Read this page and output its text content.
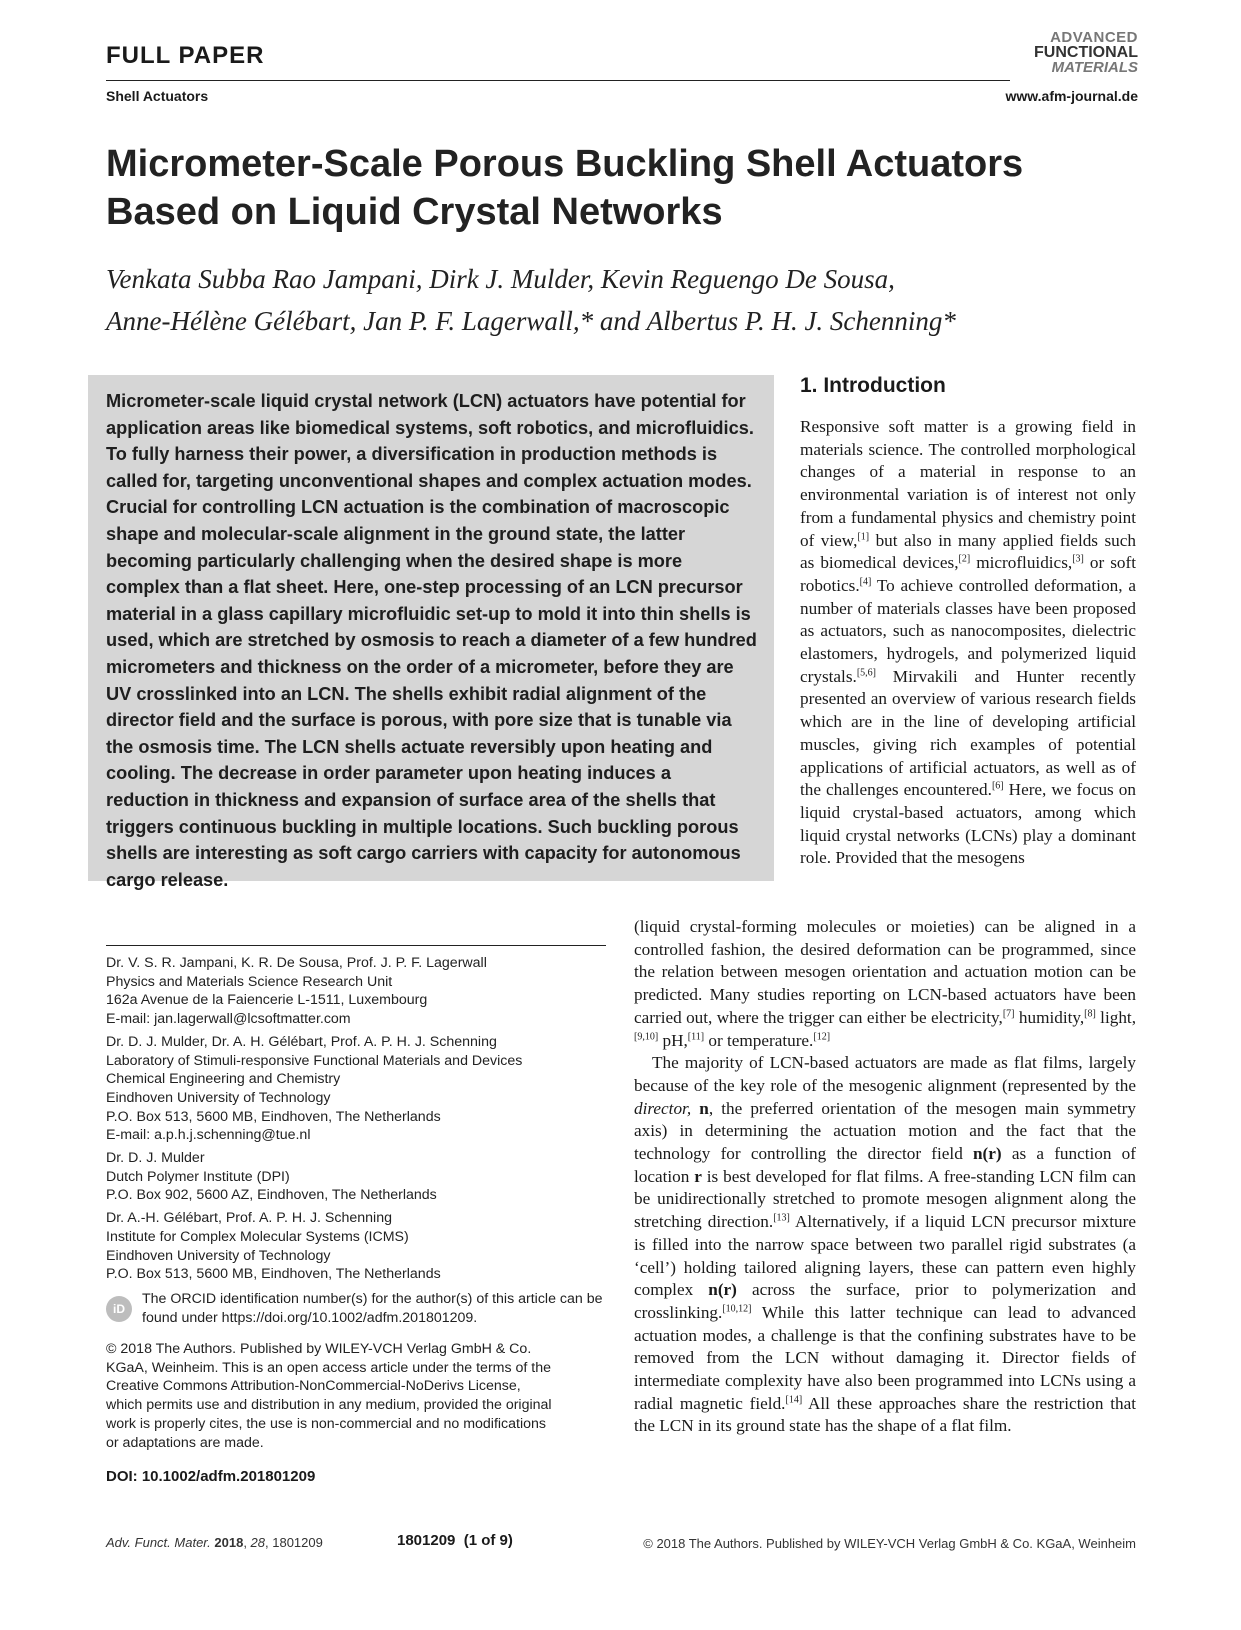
FULL PAPER
Shell Actuators
ADVANCED
FUNCTIONAL
MATERIALS
www.afm-journal.de
Micrometer-Scale Porous Buckling Shell Actuators Based on Liquid Crystal Networks
Venkata Subba Rao Jampani, Dirk J. Mulder, Kevin Reguengo De Sousa,
Anne-Hélène Gélébart, Jan P. F. Lagerwall,* and Albertus P. H. J. Schenning*
Micrometer-scale liquid crystal network (LCN) actuators have potential for application areas like biomedical systems, soft robotics, and microfluidics. To fully harness their power, a diversification in production methods is called for, targeting unconventional shapes and complex actuation modes. Crucial for controlling LCN actuation is the combination of macroscopic shape and molecular-scale alignment in the ground state, the latter becoming particularly challenging when the desired shape is more complex than a flat sheet. Here, one-step processing of an LCN precursor material in a glass capillary microfluidic set-up to mold it into thin shells is used, which are stretched by osmosis to reach a diameter of a few hundred micrometers and thickness on the order of a micrometer, before they are UV crosslinked into an LCN. The shells exhibit radial alignment of the director field and the surface is porous, with pore size that is tunable via the osmosis time. The LCN shells actuate reversibly upon heating and cooling. The decrease in order parameter upon heating induces a reduction in thickness and expansion of surface area of the shells that triggers continuous buckling in multiple locations. Such buckling porous shells are interesting as soft cargo carriers with capacity for autonomous cargo release.
1. Introduction

Responsive soft matter is a growing field in materials science. The controlled morphological changes of a material in response to an environmental variation is of interest not only from a fundamental physics and chemistry point of view,[1] but also in many applied fields such as biomedical devices,[2] microfluidics,[3] or soft robotics.[4] To achieve controlled deformation, a number of materials classes have been proposed as actuators, such as nanocomposites, dielectric elastomers, hydrogels, and polymerized liquid crystals.[5,6] Mirvakili and Hunter recently presented an overview of various research fields which are in the line of developing artificial muscles, giving rich examples of potential applications of artificial actuators, as well as of the challenges encountered.[6] Here, we focus on liquid crystal-based actuators, among which liquid crystal networks (LCNs) play a dominant role. Provided that the mesogens

(liquid crystal-forming molecules or moieties) can be aligned in a controlled fashion, the desired deformation can be programmed, since the relation between mesogen orientation and actuation motion can be predicted. Many studies reporting on LCN-based actuators have been carried out, where the trigger can either be electricity,[7] humidity,[8] light,[9,10] pH,[11] or temperature.[12]

The majority of LCN-based actuators are made as flat films, largely because of the key role of the mesogenic alignment (represented by the director, n, the preferred orientation of the mesogen main symmetry axis) in determining the actuation motion and the fact that the technology for controlling the director field n(r) as a function of location r is best developed for flat films. A free-standing LCN film can be unidirectionally stretched to promote mesogen alignment along the stretching direction.[13] Alternatively, if a liquid LCN precursor mixture is filled into the narrow space between two parallel rigid substrates (a ‘cell’) holding tailored aligning layers, these can pattern even highly complex n(r) across the surface, prior to polymerization and crosslinking.[10,12] While this latter technique can lead to advanced actuation modes, a challenge is that the confining substrates have to be removed from the LCN without damaging it. Director fields of intermediate complexity have also been programmed into LCNs using a radial magnetic field.[14] All these approaches share the restriction that the LCN in its ground state has the shape of a flat film.

Dr. V. S. R. Jampani, K. R. De Sousa, Prof. J. P. F. Lagerwall
Physics and Materials Science Research Unit
162a Avenue de la Faiencerie L-1511, Luxembourg
E-mail: jan.lagerwall@lcsoftmatter.com
Dr. D. J. Mulder, Dr. A. H. Gélébart, Prof. A. P. H. J. Schenning
Laboratory of Stimuli-responsive Functional Materials and Devices
Chemical Engineering and Chemistry
Eindhoven University of Technology
P.O. Box 513, 5600 MB, Eindhoven, The Netherlands
E-mail: a.p.h.j.schenning@tue.nl
Dr. D. J. Mulder
Dutch Polymer Institute (DPI)
P.O. Box 902, 5600 AZ, Eindhoven, The Netherlands
Dr. A.-H. Gélébart, Prof. A. P. H. J. Schenning
Institute for Complex Molecular Systems (ICMS)
Eindhoven University of Technology
P.O. Box 513, 5600 MB, Eindhoven, The Netherlands
iD
The ORCID identification number(s) for the author(s) of this article can be found under https://doi.org/10.1002/adfm.201801209.
© 2018 The Authors. Published by WILEY-VCH Verlag GmbH & Co.
KGaA, Weinheim. This is an open access article under the terms of the
Creative Commons Attribution-NonCommercial-NoDerivs License,
which permits use and distribution in any medium, provided the original
work is properly cites, the use is non-commercial and no modifications
or adaptations are made.
DOI: 10.1002/adfm.201801209
Adv. Funct. Mater. 2018, 28, 1801209	1801209  (1 of 9)	© 2018 The Authors. Published by WILEY-VCH Verlag GmbH & Co. KGaA, Weinheim
